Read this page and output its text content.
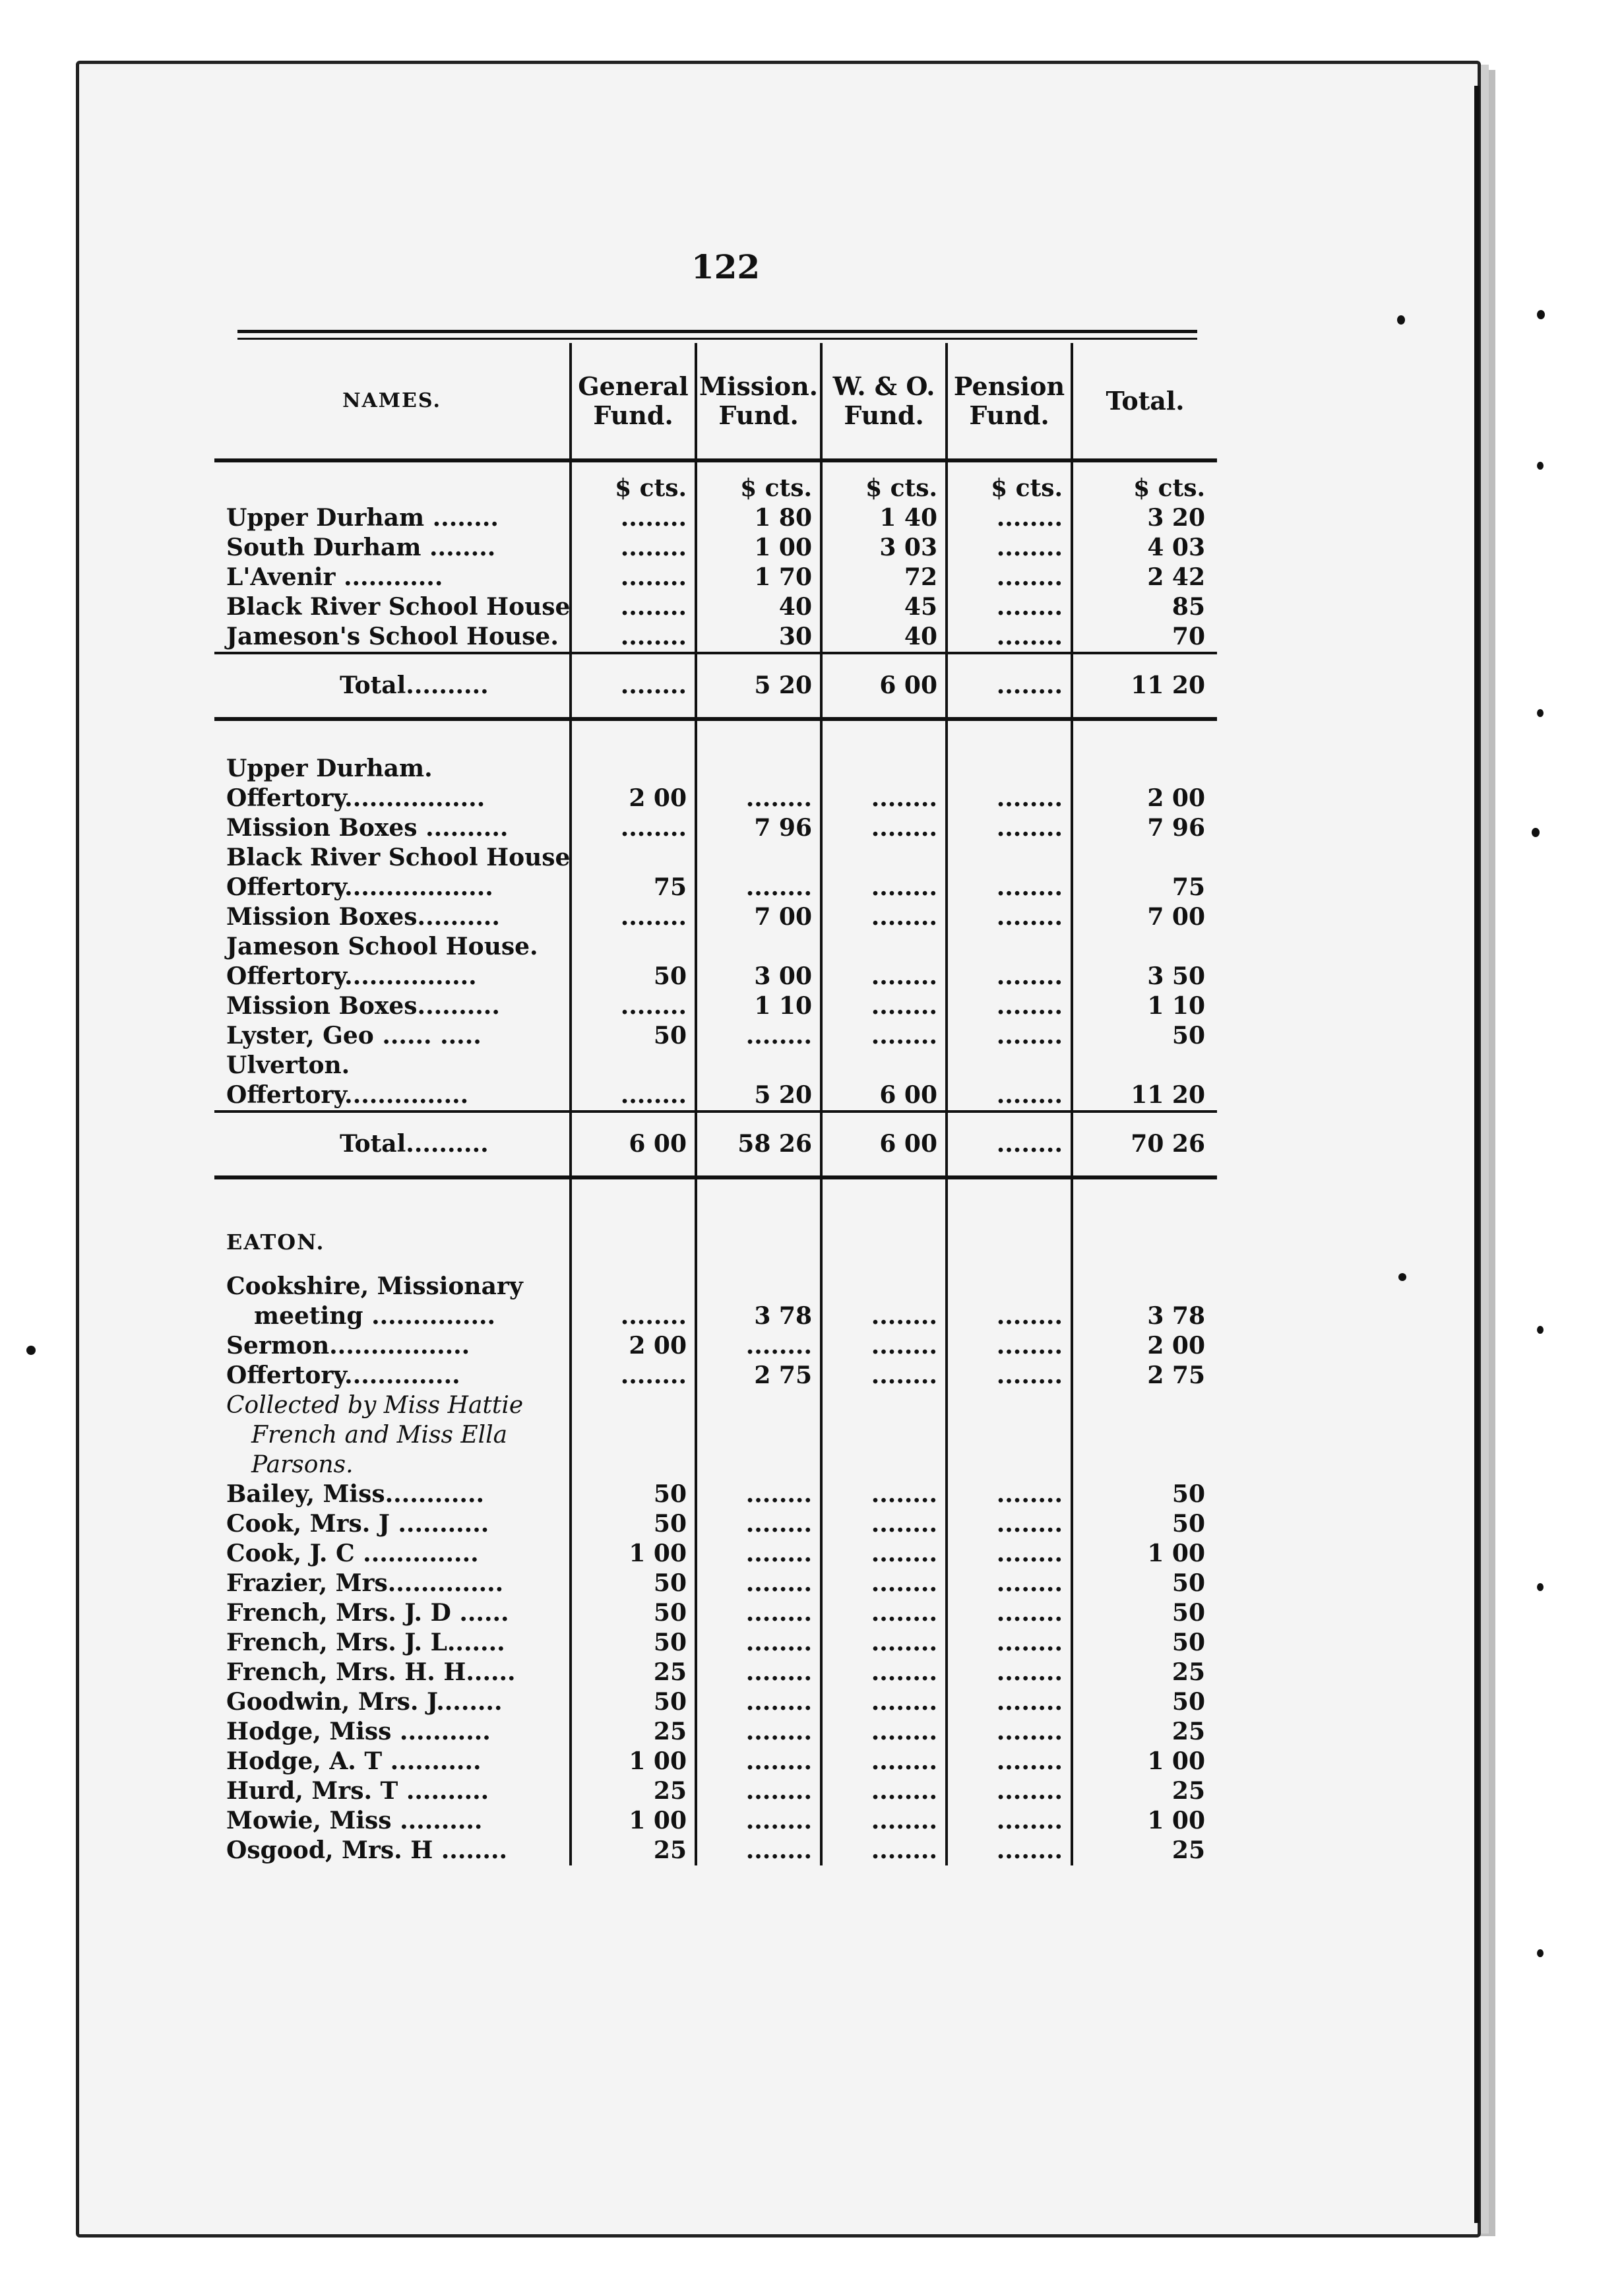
122
NAMES.	General Fund.	Mission. Fund.	W. & O. Fund.	Pension Fund.	Total.
	$ cts.	$ cts.	$ cts.	$ cts.	$ cts.
Upper Durham ........	........	1 80	1 40	........	3 20
South Durham ........	........	1 00	3 03	........	4 03
L'Avenir ............	........	1 70	72	........	2 42
Black River School House	........	40	45	........	85
Jameson's School House.	........	30	40	........	70
Total..........	........	5 20	6 00	........	11 20

Upper Durham.					
Offertory.................	2 00	........	........	........	2 00
Mission Boxes ..........	........	7 96	........	........	7 96
Black River School House					
Offertory..................	75	........	........	........	75
Mission Boxes..........	........	7 00	........	........	7 00
Jameson School House.					
Offertory................	50	3 00	........	........	3 50
Mission Boxes..........	........	1 10	........	........	1 10
Lyster, Geo ...... .....	50	........	........	........	50
Ulverton.					
Offertory...............	........	5 20	6 00	........	11 20
Total..........	6 00	58 26	6 00	........	70 26

EATON.					
Cookshire, Missionary					
meeting ...............	........	3 78	........	........	3 78
Sermon.................	2 00	........	........	........	2 00
Offertory..............	........	2 75	........	........	2 75
Collected by Miss Hattie					
French and Miss Ella					
Parsons.					
Bailey, Miss............	50	........	........	........	50
Cook, Mrs. J ...........	50	........	........	........	50
Cook, J. C ..............	1 00	........	........	........	1 00
Frazier, Mrs..............	50	........	........	........	50
French, Mrs. J. D ......	50	........	........	........	50
French, Mrs. J. L.......	50	........	........	........	50
French, Mrs. H. H......	25	........	........	........	25
Goodwin, Mrs. J........	50	........	........	........	50
Hodge, Miss ...........	25	........	........	........	25
Hodge, A. T ...........	1 00	........	........	........	1 00
Hurd, Mrs. T ..........	25	........	........	........	25
Mowie, Miss ..........	1 00	........	........	........	1 00
Osgood, Mrs. H ........	25	........	........	........	25
